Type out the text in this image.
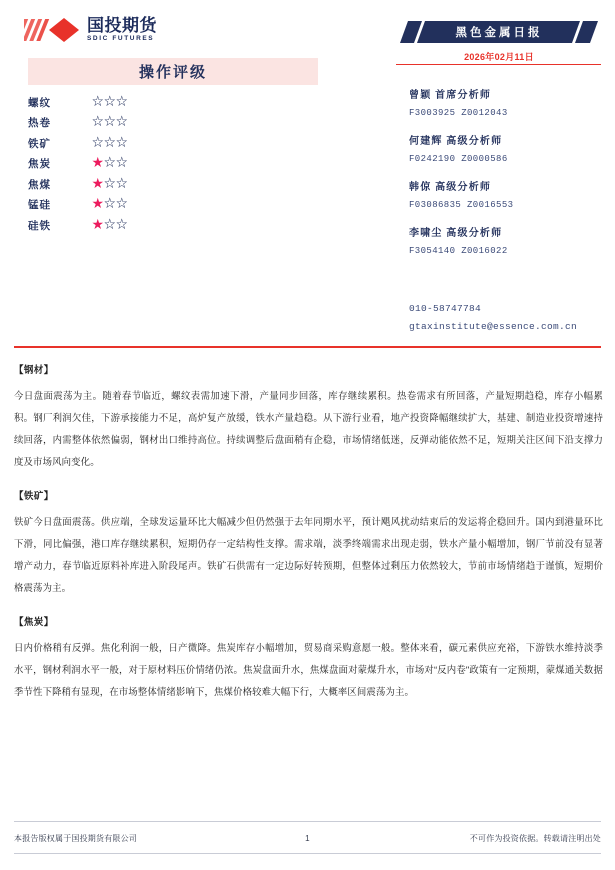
国投期货
SDIC FUTURES
操作评级
螺纹	☆☆☆
热卷	☆☆☆
铁矿	☆☆☆
焦炭	★☆☆
焦煤	★☆☆
锰硅	★☆☆
硅铁	★☆☆
黑色金属日报
2026年02月11日
曾颖 首席分析师
F3003925 Z0012043
何建辉 高级分析师
F0242190 Z0000586
韩倞 高级分析师
F03086835 Z0016553
李啸尘 高级分析师
F3054140 Z0016022
010-58747784
gtaxinstitute@essence.com.cn
【钢材】
今日盘面震荡为主。随着春节临近，螺纹表需加速下滑，产量同步回落，库存继续累积。热卷需求有所回落，产量短期趋稳，库存小幅累积。钢厂利润欠佳，下游承接能力不足，高炉复产放缓，铁水产量趋稳。从下游行业看，地产投资降幅继续扩大，基建、制造业投资增速持续回落，内需整体依然偏弱，钢材出口维持高位。持续调整后盘面稍有企稳，市场情绪低迷，反弹动能依然不足，短期关注区间下沿支撑力度及市场风向变化。
【铁矿】
铁矿今日盘面震荡。供应端，全球发运量环比大幅减少但仍然强于去年同期水平，预计飓风扰动结束后的发运将企稳回升。国内到港量环比下滑，同比偏强，港口库存继续累积，短期仍存一定结构性支撑。需求端，淡季终端需求出现走弱，铁水产量小幅增加，钢厂节前没有显著增产动力，春节临近原料补库进入阶段尾声。铁矿石供需有一定边际好转预期，但整体过剩压力依然较大，节前市场情绪趋于谨慎，短期价格震荡为主。
【焦炭】
日内价格稍有反弹。焦化利润一般，日产微降。焦炭库存小幅增加，贸易商采购意愿一般。整体来看，碳元素供应充裕，下游铁水维持淡季水平，钢材利润水平一般，对于原材料压价情绪仍浓。焦炭盘面升水，焦煤盘面对蒙煤升水，市场对“反内卷"政策有一定预期，蒙煤通关数据季节性下降稍有显现，在市场整体情绪影响下，焦煤价格较难大幅下行，大概率区间震荡为主。
本报告版权属于国投期货有限公司	1	不可作为投资依据。转载请注明出处
